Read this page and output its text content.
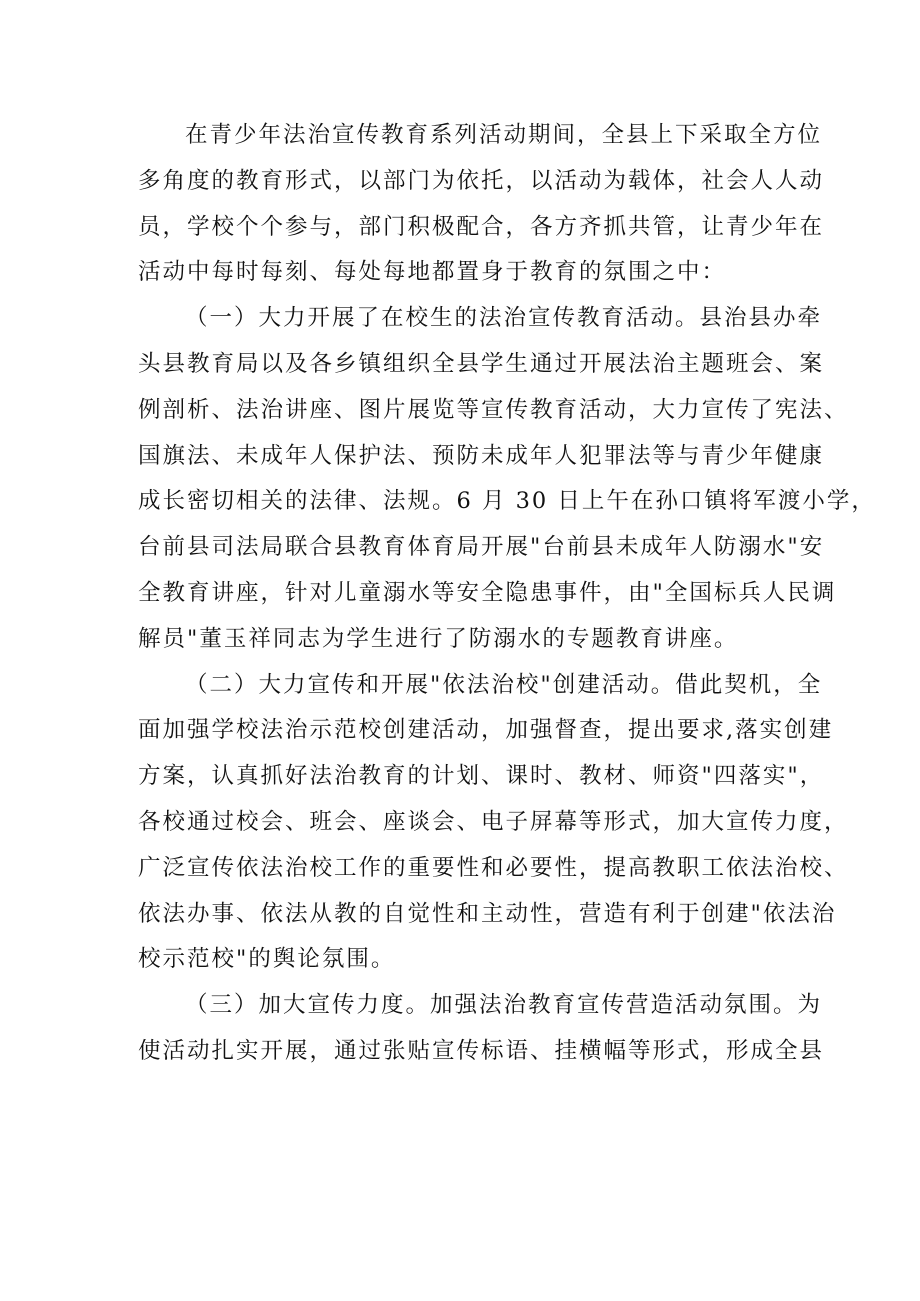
在青少年法治宣传教育系列活动期间，全县上下采取全方位
多角度的教育形式，以部门为依托，以活动为载体，社会人人动
员，学校个个参与，部门积极配合，各方齐抓共管，让青少年在
活动中每时每刻、每处每地都置身于教育的氛围之中：
（一）大力开展了在校生的法治宣传教育活动。县治县办牵
头县教育局以及各乡镇组织全县学生通过开展法治主题班会、案
例剖析、法治讲座、图片展览等宣传教育活动，大力宣传了宪法、
国旗法、未成年人保护法、预防未成年人犯罪法等与青少年健康
成长密切相关的法律、法规。6 月 30 日上午在孙口镇将军渡小学，
台前县司法局联合县教育体育局开展"台前县未成年人防溺水"安
全教育讲座，针对儿童溺水等安全隐患事件，由"全国标兵人民调
解员"董玉祥同志为学生进行了防溺水的专题教育讲座。
（二）大力宣传和开展"依法治校"创建活动。借此契机，全
面加强学校法治示范校创建活动，加强督查，提出要求,落实创建
方案，认真抓好法治教育的计划、课时、教材、师资"四落实"，
各校通过校会、班会、座谈会、电子屏幕等形式，加大宣传力度，
广泛宣传依法治校工作的重要性和必要性，提高教职工依法治校、
依法办事、依法从教的自觉性和主动性，营造有利于创建"依法治
校示范校"的舆论氛围。
（三）加大宣传力度。加强法治教育宣传营造活动氛围。为
使活动扎实开展，通过张贴宣传标语、挂横幅等形式，形成全县
